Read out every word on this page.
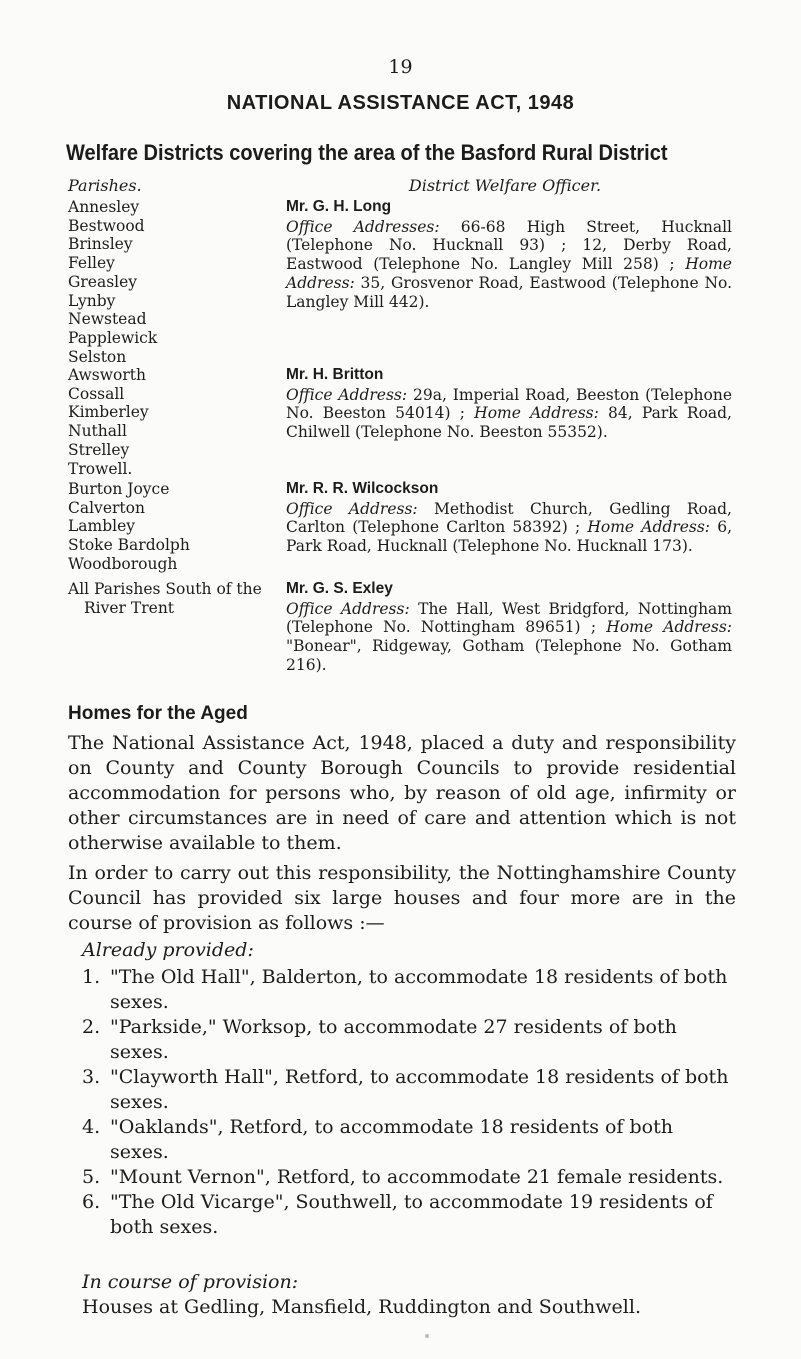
19
NATIONAL ASSISTANCE ACT, 1948
Welfare Districts covering the area of the Basford Rural District
Parishes.	District Welfare Officer.
Annesley
Bestwood
Brinsley
Felley
Greasley
Lynby
Newstead
Papplewick
Selston
Mr. G. H. Long
Office Addresses: 66-68 High Street, Hucknall (Telephone No. Hucknall 93) ; 12, Derby Road, Eastwood (Telephone No. Langley Mill 258) ; Home Address: 35, Grosvenor Road, Eastwood (Telephone No. Langley Mill 442).
Awsworth
Cossall
Kimberley
Nuthall
Strelley
Trowell.
Mr. H. Britton
Office Address: 29a, Imperial Road, Beeston (Telephone No. Beeston 54014) ; Home Address: 84, Park Road, Chilwell (Telephone No. Beeston 55352).
Burton Joyce
Calverton
Lambley
Stoke Bardolph
Woodborough
Mr. R. R. Wilcockson
Office Address: Methodist Church, Gedling Road, Carlton (Telephone Carlton 58392) ; Home Address: 6, Park Road, Hucknall (Telephone No. Hucknall 173).
All Parishes South of the
River Trent
Mr. G. S. Exley
Office Address: The Hall, West Bridgford, Nottingham (Telephone No. Nottingham 89651) ; Home Address: "Bonear", Ridgeway, Gotham (Telephone No. Gotham 216).
Homes for the Aged
The National Assistance Act, 1948, placed a duty and responsibility on County and County Borough Councils to provide residential accommodation for persons who, by reason of old age, infirmity or other circumstances are in need of care and attention which is not otherwise available to them.
In order to carry out this responsibility, the Nottinghamshire County Council has provided six large houses and four more are in the course of provision as follows :—
Already provided:
1. "The Old Hall", Balderton, to accommodate 18 residents of both sexes.
2. "Parkside," Worksop, to accommodate 27 residents of both sexes.
3. "Clayworth Hall", Retford, to accommodate 18 residents of both sexes.
4. "Oaklands", Retford, to accommodate 18 residents of both sexes.
5. "Mount Vernon", Retford, to accommodate 21 female residents.
6. "The Old Vicarge", Southwell, to accommodate 19 residents of both sexes.
In course of provision:
Houses at Gedling, Mansfield, Ruddington and Southwell.
